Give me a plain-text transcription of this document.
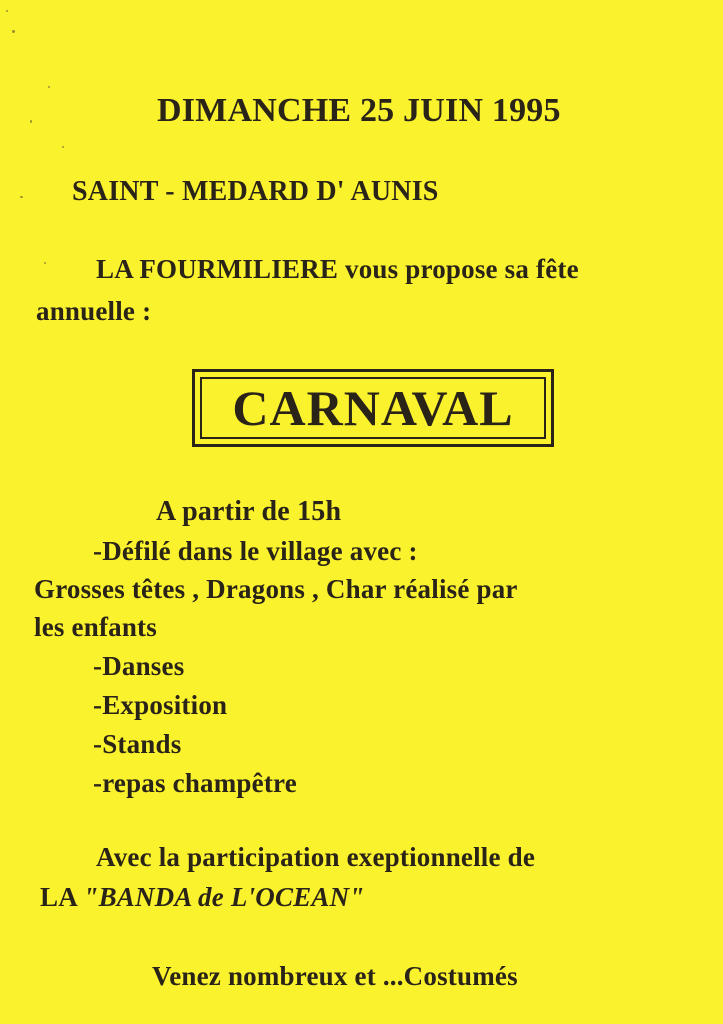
DIMANCHE 25 JUIN 1995
SAINT - MEDARD D' AUNIS
LA FOURMILIERE vous propose sa fête
annuelle :
CARNAVAL
A partir de 15h
-Défilé dans le village avec :
Grosses têtes , Dragons , Char réalisé par
les enfants
-Danses
-Exposition
-Stands
-repas champêtre
Avec la participation exeptionnelle de
LA "BANDA de L'OCEAN"
Venez nombreux et ...Costumés
